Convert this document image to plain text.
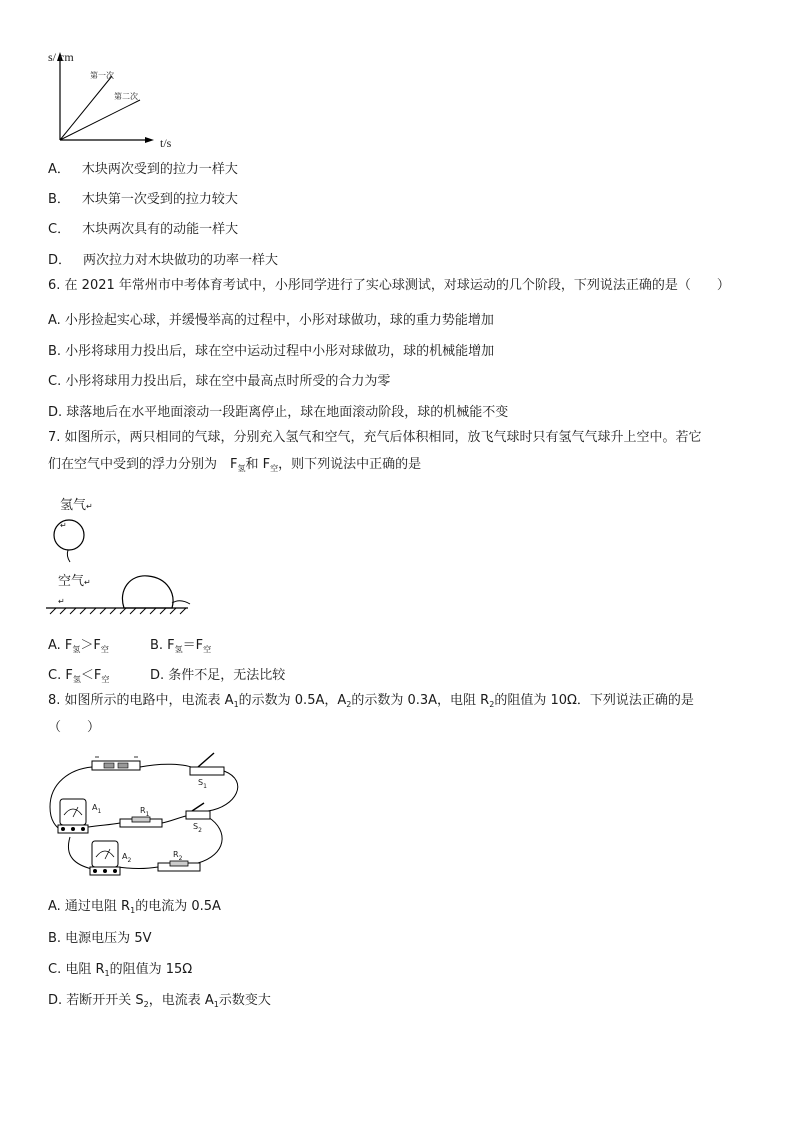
s/ cm
t/s
第一次
第二次
A． 木块两次受到的拉力一样大
B． 木块第一次受到的拉力较大
C． 木块两次具有的动能一样大
D． 两次拉力对木块做功的功率一样大
6. 在 2021 年常州市中考体育考试中，小彤同学进行了实心球测试，对球运动的几个阶段，下列说法正确的是（　　）
A. 小彤捡起实心球，并缓慢举高的过程中，小彤对球做功，球的重力势能增加
B. 小彤将球用力投出后，球在空中运动过程中小彤对球做功，球的机械能增加
C. 小彤将球用力投出后，球在空中最高点时所受的合力为零
D. 球落地后在水平地面滚动一段距离停止，球在地面滚动阶段，球的机械能不变
7. 如图所示，两只相同的气球，分别充入氢气和空气，充气后体积相同，放飞气球时只有氢气气球升上空中。若它
们在空气中受到的浮力分别为　$F_氢$和 $F_空$，则下列说法中正确的是
氢气↵
↵
空气↵
↵
A. $F_氢>F_空$	B. $F_氢=F_空$
C. $F_氢<F_空$	D. 条件不足，无法比较
8. 如图所示的电路中，电流表 $A_1$的示数为 0.5A，$A_2$的示数为 0.3A，电阻 $R_2$的阻值为 10Ω．下列说法正确的是
（　　）
$S_1$
$A_1$	$R_1$
$S_2$
$A_2$
$R_2$
A. 通过电阻 $R_1$的电流为 0.5A
B. 电源电压为 5V
C. 电阻 $R_1$的阻值为 15Ω
D. 若断开开关 $S_2$，电流表 $A_1$示数变大
